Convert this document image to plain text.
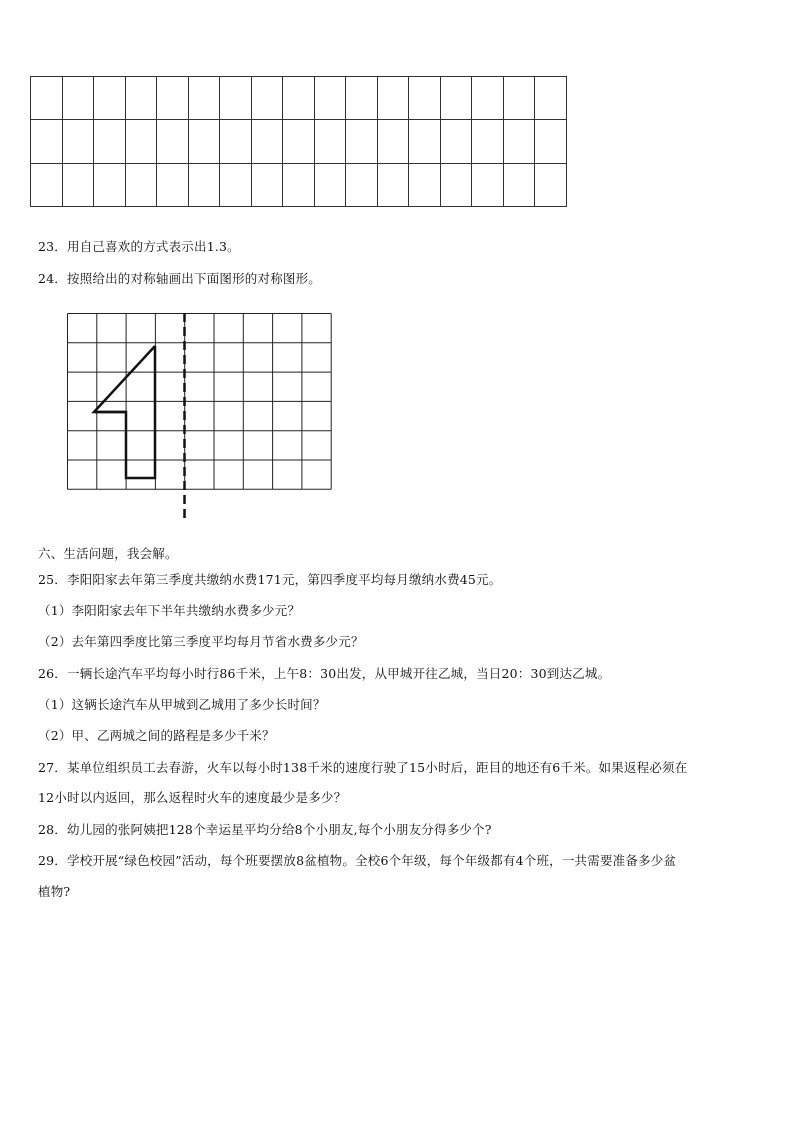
23．用自己喜欢的方式表示出1.3。
24．按照给出的对称轴画出下面图形的对称图形。
六、生活问题，我会解。
25．李阳阳家去年第三季度共缴纳水费171元，第四季度平均每月缴纳水费45元。
（1）李阳阳家去年下半年共缴纳水费多少元？
（2）去年第四季度比第三季度平均每月节省水费多少元？
26．一辆长途汽车平均每小时行86千米，上午8：30出发，从甲城开往乙城，当日20：30到达乙城。
（1）这辆长途汽车从甲城到乙城用了多少长时间？
（2）甲、乙两城之间的路程是多少千米？
27．某单位组织员工去春游，火车以每小时138千米的速度行驶了15小时后，距目的地还有6千米。如果返程必须在
12小时以内返回，那么返程时火车的速度最少是多少？
28．幼儿园的张阿姨把128个幸运星平均分给8个小朋友,每个小朋友分得多少个?
29．学校开展“绿色校园”活动，每个班要摆放8盆植物。全校6个年级，每个年级都有4个班，一共需要准备多少盆
植物?
